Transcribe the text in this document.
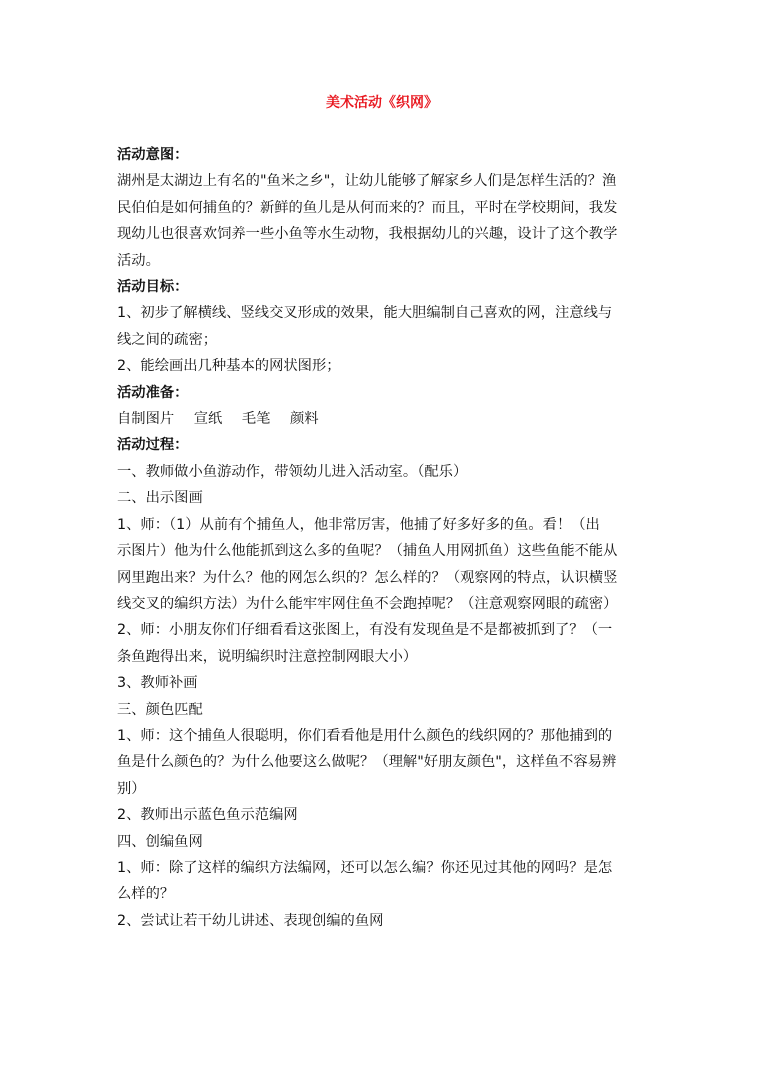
美术活动《织网》
活动意图：
湖州是太湖边上有名的"鱼米之乡"，让幼儿能够了解家乡人们是怎样生活的？渔
民伯伯是如何捕鱼的？新鲜的鱼儿是从何而来的？而且，平时在学校期间，我发
现幼儿也很喜欢饲养一些小鱼等水生动物，我根据幼儿的兴趣，设计了这个教学
活动。
活动目标：
1、初步了解横线、竖线交叉形成的效果，能大胆编制自己喜欢的网，注意线与
线之间的疏密；
2、能绘画出几种基本的网状图形；
活动准备：
自制图片 宣纸 毛笔 颜料
活动过程：
一、教师做小鱼游动作，带领幼儿进入活动室。（配乐）
二、出示图画
1、师：（1）从前有个捕鱼人，他非常厉害，他捕了好多好多的鱼。看！（出
示图片）他为什么他能抓到这么多的鱼呢？（捕鱼人用网抓鱼）这些鱼能不能从
网里跑出来？为什么？他的网怎么织的？怎么样的？（观察网的特点，认识横竖
线交叉的编织方法）为什么能牢牢网住鱼不会跑掉呢？（注意观察网眼的疏密）
2、师：小朋友你们仔细看看这张图上，有没有发现鱼是不是都被抓到了？（一
条鱼跑得出来，说明编织时注意控制网眼大小）
3、教师补画
三、颜色匹配
1、师：这个捕鱼人很聪明，你们看看他是用什么颜色的线织网的？那他捕到的
鱼是什么颜色的？为什么他要这么做呢？（理解"好朋友颜色"，这样鱼不容易辨
别）
2、教师出示蓝色鱼示范编网
四、创编鱼网
1、师：除了这样的编织方法编网，还可以怎么编？你还见过其他的网吗？是怎
么样的？
2、尝试让若干幼儿讲述、表现创编的鱼网
